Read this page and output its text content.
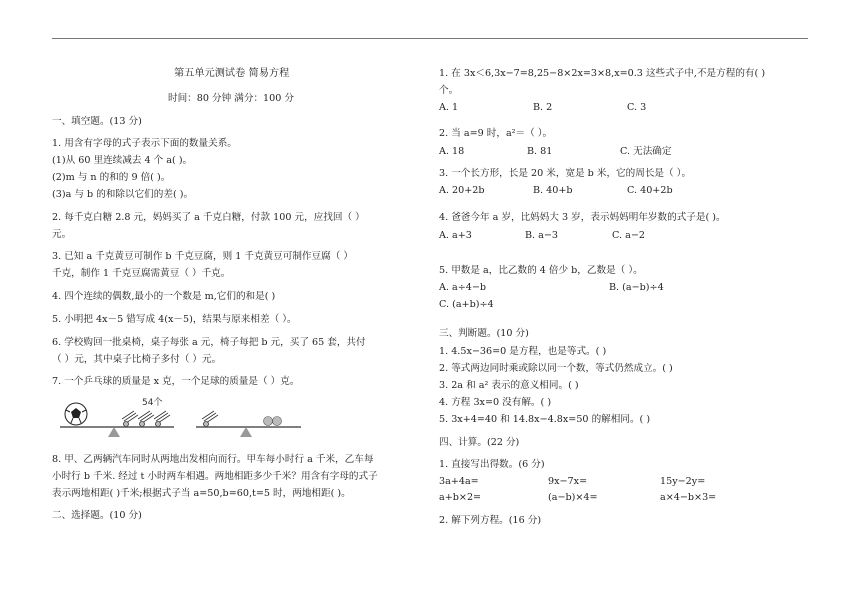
第五单元测试卷 简易方程
时间：80 分钟 满分：100 分
一、填空题。(13 分)
1. 用含有字母的式子表示下面的数量关系。
(1)从 60 里连续减去 4 个 a( )。
(2)m 与 n 的和的 9 倍( )。
(3)a 与 b 的和除以它们的差( )。
2. 每千克白糖 2.8 元，妈妈买了 a 千克白糖，付款 100 元，应找回（ ）
元。
3. 已知 a 千克黄豆可制作 b 千克豆腐，则 1 千克黄豆可制作豆腐（ ）
千克，制作 1 千克豆腐需黄豆（ ）千克。
4. 四个连续的偶数,最小的一个数是 m,它们的和是( )
5. 小明把 4x－5 错写成 4(x－5)，结果与原来相差（ ）。
6. 学校购回一批桌椅，桌子每张 a 元，椅子每把 b 元，买了 65 套，共付
（ ）元，其中桌子比椅子多付（ ）元。
7. 一个乒乓球的质量是 x 克，一个足球的质量是（ ）克。
54个
8. 甲、乙两辆汽车同时从两地出发相向而行。甲车每小时行 a 千米，乙车每
小时行 b 千米. 经过 t 小时两车相遇。两地相距多少千米？用含有字母的式子
表示两地相距( )千米;根据式子当 a=50,b=60,t=5 时，两地相距( )。
二、选择题。(10 分)
1. 在 3x＜6,3x−7=8,25−8×2x=3×8,x=0.3 这些式子中,不是方程的有( )
个。
A. 1	B. 2	C. 3
2. 当 a=9 时，a²＝（ ）。
A. 18	B. 81	C. 无法确定
3. 一个长方形，长是 20 米，宽是 b 米，它的周长是（ ）。
A. 20+2b	B. 40+b	C. 40+2b
4. 爸爸今年 a 岁，比妈妈大 3 岁，表示妈妈明年岁数的式子是( )。
A. a+3	B. a−3	C. a−2
5. 甲数是 a，比乙数的 4 倍少 b，乙数是（ ）。
A. a÷4−b	B. (a−b)÷4
C. (a+b)÷4
三、判断题。(10 分)
1. 4.5x−36=0 是方程，也是等式。( )
2. 等式两边同时乘或除以同一个数，等式仍然成立。( )
3. 2a 和 a² 表示的意义相同。( )
4. 方程 3x=0 没有解。( )
5. 3x+4=40 和 14.8x−4.8x=50 的解相同。( )
四、计算。(22 分)
1. 直接写出得数。(6 分)
3a+4a=	9x−7x=	15y−2y=
a+b×2=	(a−b)×4=	a×4−b×3=
2. 解下列方程。(16 分)
